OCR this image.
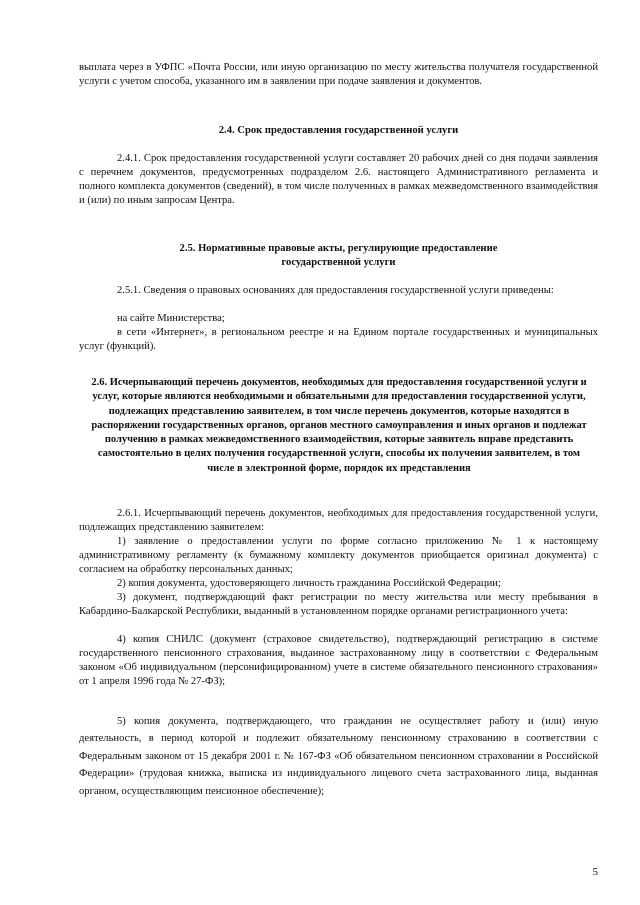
выплата через в УФПС «Почта России, или иную организацию по месту жительства получателя государственной услуги с учетом способа, указанного им в заявлении при подаче заявления и документов.

2.4. Срок предоставления государственной услуги

2.4.1. Срок предоставления государственной услуги составляет 20 рабочих дней со дня подачи заявления с перечнем документов, предусмотренных подразделом 2.6. настоящего Административного регламента и полного комплекта документов (сведений), в том числе полученных в рамках межведомственного взаимодействия и (или) по иным запросам Центра.

2.5. Нормативные правовые акты, регулирующие предоставление государственной услуги

2.5.1. Сведения о правовых основаниях для предоставления государственной услуги приведены:

на сайте Министерства;

в сети «Интернет», в региональном реестре и на Едином портале государственных и муниципальных услуг (функций).

2.6. Исчерпывающий перечень документов, необходимых для предоставления государственной услуги и услуг, которые являются необходимыми и обязательными для предоставления государственной услуги, подлежащих представлению заявителем, в том числе перечень документов, которые находятся в распоряжении государственных органов, органов местного самоуправления и иных органов и подлежат получению в рамках межведомственного взаимодействия, которые заявитель вправе представить самостоятельно в целях получения государственной услуги, способы их получения заявителем, в том числе в электронной форме, порядок их представления

2.6.1. Исчерпывающий перечень документов, необходимых для предоставления государственной услуги, подлежащих представлению заявителем:

1) заявление о предоставлении услуги по форме согласно приложению № 1 к настоящему административному регламенту (к бумажному комплекту документов приобщается оригинал документа) с согласием на обработку персональных данных;

2) копия документа, удостоверяющего личность гражданина Российской Федерации;

3) документ, подтверждающий факт регистрации по месту жительства или месту пребывания в Кабардино-Балкарской Республики, выданный в установленном порядке органами регистрационного учета:

4) копия СНИЛС (документ (страховое свидетельство), подтверждающий регистрацию в системе государственного пенсионного страхования, выданное застрахованному лицу в соответствии с Федеральным законом «Об индивидуальном (персонифицированном) учете в системе обязательного пенсионного страхования» от 1 апреля 1996 года № 27-ФЗ);

5) копия документа, подтверждающего, что гражданин не осуществляет работу и (или) иную деятельность, в период которой и подлежит обязательному пенсионному страхованию в соответствии с Федеральным законом от 15 декабря 2001 г. № 167-ФЗ «Об обязательном пенсионном страховании в Российской Федерации» (трудовая книжка, выписка из индивидуального лицевого счета застрахованного лица, выданная органом, осуществляющим пенсионное обеспечение);

5
